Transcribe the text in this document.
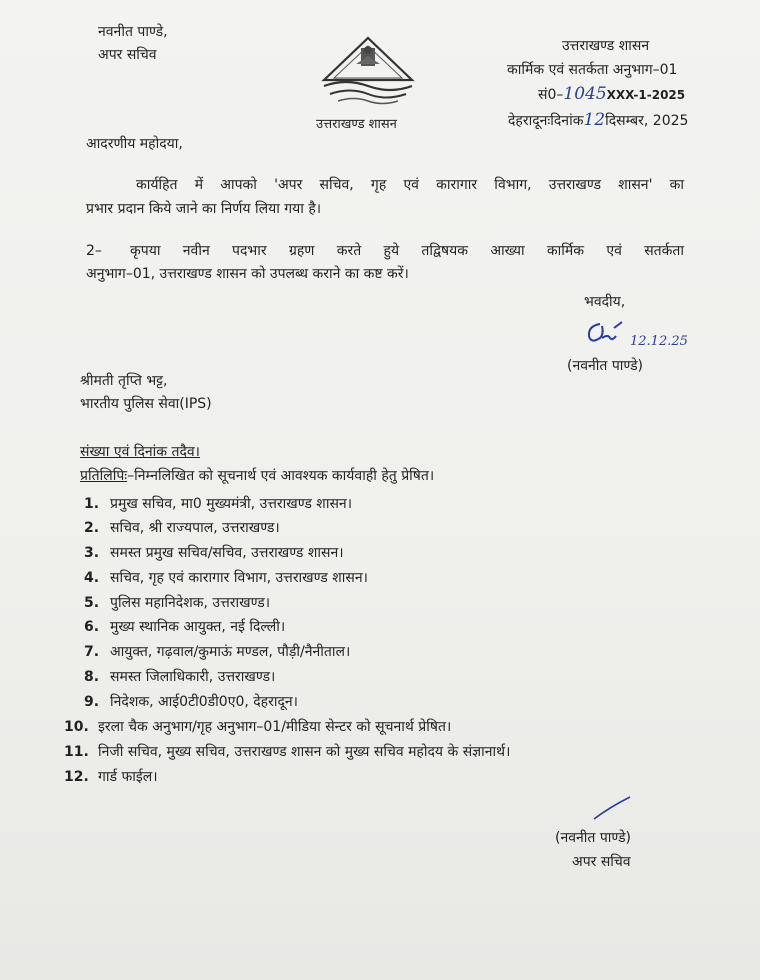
नवनीत पाण्डे,
अपर सचिव
उत्तराखण्ड शासन
उत्तराखण्ड शासन
कार्मिक एवं सतर्कता अनुभाग–01
सं0–1045XXX-1-2025
देहरादूनःदिनांक12दिसम्बर, 2025
आदरणीय महोदया,
कार्यहित में आपको 'अपर सचिव, गृह एवं कारागार विभाग, उत्तराखण्ड शासन' का
प्रभार प्रदान किये जाने का निर्णय लिया गया है।
2– कृपया नवीन पदभार ग्रहण करते हुये तद्विषयक आख्या कार्मिक एवं सतर्कता
अनुभाग–01, उत्तराखण्ड शासन को उपलब्ध कराने का कष्ट करें।
भवदीय,
12.12.25
(नवनीत पाण्डे)
श्रीमती तृप्ति भट्ट,
भारतीय पुलिस सेवा(IPS)
संख्या एवं दिनांक तदैव।
प्रतिलिपिः–निम्नलिखित को सूचनार्थ एवं आवश्यक कार्यवाही हेतु प्रेषित।
1. प्रमुख सचिव, मा0 मुख्यमंत्री, उत्तराखण्ड शासन।
2. सचिव, श्री राज्यपाल, उत्तराखण्ड।
3. समस्त प्रमुख सचिव/सचिव, उत्तराखण्ड शासन।
4. सचिव, गृह एवं कारागार विभाग, उत्तराखण्ड शासन।
5. पुलिस महानिदेशक, उत्तराखण्ड।
6. मुख्य स्थानिक आयुक्त, नई दिल्ली।
7. आयुक्त, गढ़वाल/कुमाऊं मण्डल, पौड़ी/नैनीताल।
8. समस्त जिलाधिकारी, उत्तराखण्ड।
9. निदेशक, आई0टी0डी0ए0, देहरादून।
10. इरला चैक अनुभाग/गृह अनुभाग–01/मीडिया सेन्टर को सूचनार्थ प्रेषित।
11. निजी सचिव, मुख्य सचिव, उत्तराखण्ड शासन को मुख्य सचिव महोदय के संज्ञानार्थ।
12. गार्ड फाईल।
(नवनीत पाण्डे)
अपर सचिव
